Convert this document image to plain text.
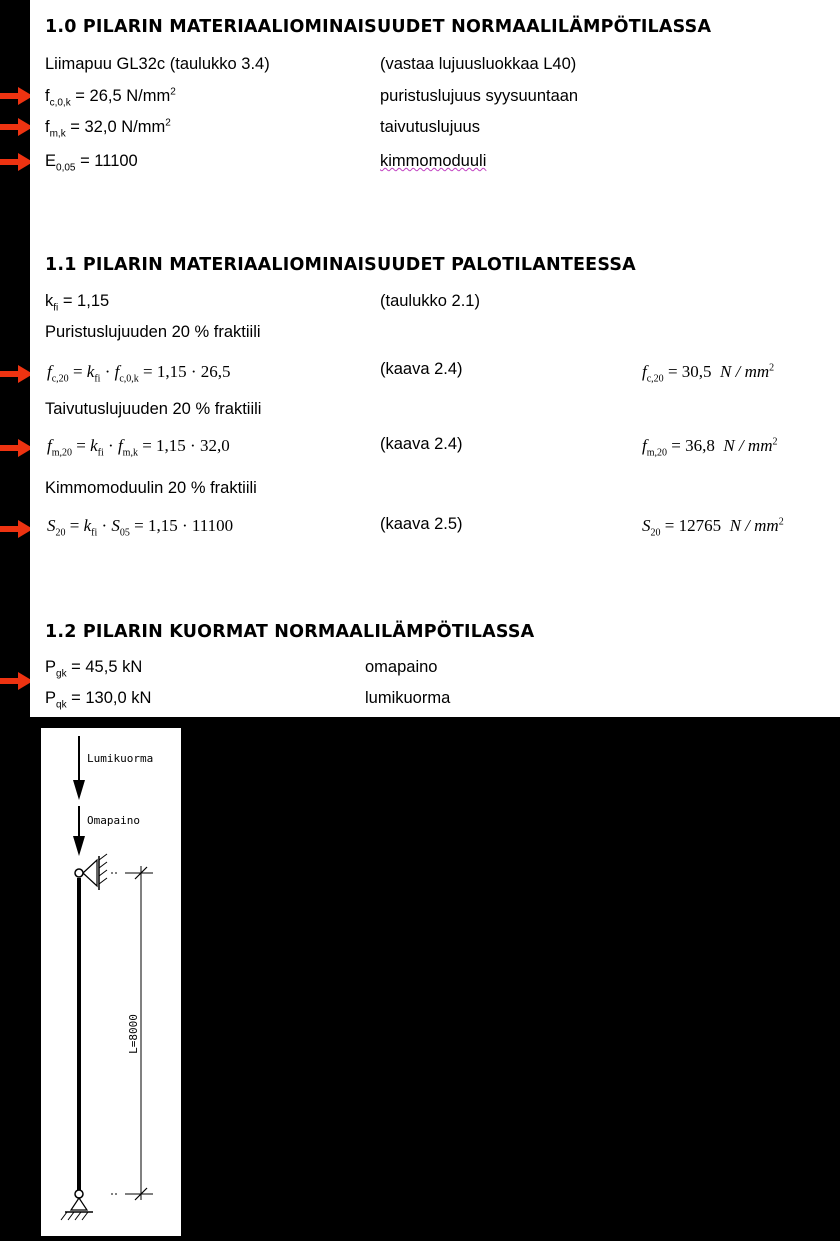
1.0 PILARIN MATERIAALIOMINAISUUDET NORMAALILÄMPÖTILASSA
Liimapuu GL32c (taulukko 3.4)	(vastaa lujuusluokkaa L40)
$f_{c,0,k} = 26,5$ $N/mm^2$	puristuslujuus syysuuntaan
$f_{m,k} = 32,0$ $N/mm^2$	taivutuslujuus
$E_{0,05} = 11100$	kimmomoduuli
1.1 PILARIN MATERIAALIOMINAISUUDET PALOTILANTEESSA
$k_{fi} = 1,15$	(taulukko 2.1)
Puristuslujuuden 20 % fraktiili
$f_{c,20} = k_{fi} \cdot f_{c,0,k} = 1,15 \cdot 26,5$	(kaava 2.4)	$f_{c,20} = 30,5$ N / $mm^2$
Taivutuslujuuden 20 % fraktiili
$f_{m,20} = k_{fi} \cdot f_{m,k} = 1,15 \cdot 32,0$	(kaava 2.4)	$f_{m,20} = 36,8$ N / $mm^2$
Kimmomoduulin 20 % fraktiili
$S_{20} = k_{fi} \cdot S_{05} = 1,15 \cdot 11100$	(kaava 2.5)	$S_{20} = 12765$ N / $mm^2$
1.2 PILARIN KUORMAT NORMAALILÄMPÖTILASSA
$P_{gk} = 45,5$ kN	omapaino
$P_{qk} = 130,0$ kN	lumikuorma
Lumikuorma
Omapaino
L=8000
